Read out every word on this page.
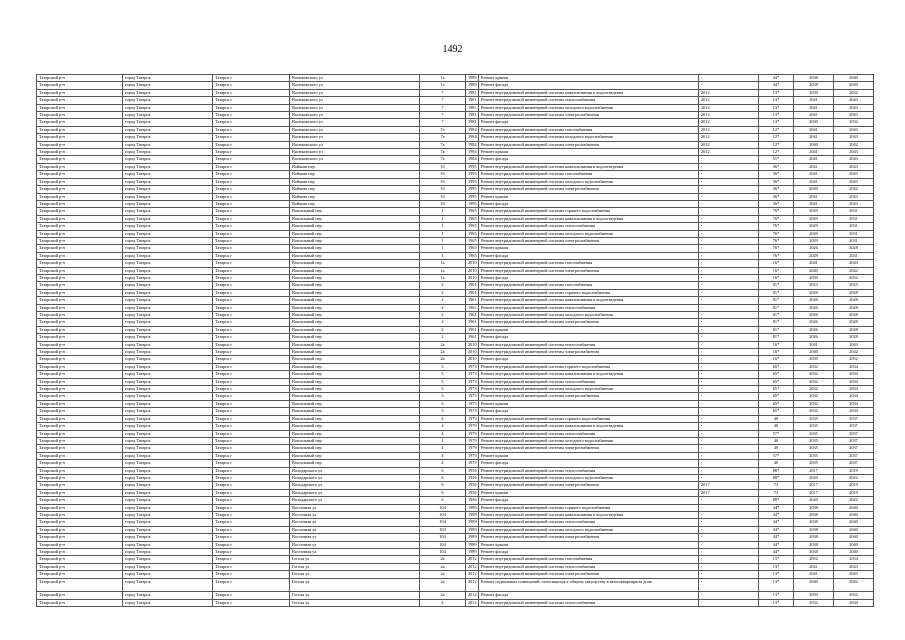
1492
Татарский р-н	город Татарск	Татарск г	Васюковского ул	1а	1989	Ремонт крыши	-	44*	2038	2040
Татарский р-н	город Татарск	Татарск г	Васюковского ул	1а	1989	Ремонт фасада	-	44*	2038	2040
Татарский р-н	город Татарск	Татарск г	Васюковского ул	7	1981	Ремонт внутридомовой инженерной системы канализования и водоотведения	2012	13*	2030	2032
Татарский р-н	город Татарск	Татарск г	Васюковского ул	7	1981	Ремонт внутридомовой инженерной системы теплоснабжения	2012	13*	2041	2043
Татарский р-н	город Татарск	Татарск г	Васюковского ул	7	1981	Ремонт внутридомовой инженерной системы холодного водоснабжения	2012	13*	2041	2043
Татарский р-н	город Татарск	Татарск г	Васюковского ул	7	1981	Ремонт внутридомовой инженерной системы электроснабжения	2012	13*	2041	2043
Татарский р-н	город Татарск	Татарск г	Васюковского ул	7	1981	Ремонт фасада	2012	13*	2030	2032
Татарский р-н	город Татарск	Татарск г	Васюковского ул	7а	1984	Ремонт внутридомовой инженерной системы газоснабжения	2012	12*	2041	2043
Татарский р-н	город Татарск	Татарск г	Васюковского ул	7а	1984	Ремонт внутридомовой инженерной системы холодного водоснабжения	2012	12*	2041	2043
Татарский р-н	город Татарск	Татарск г	Васюковского ул	7а	1984	Ремонт внутридомовой инженерной системы электроснабжения	2012	12*	2040	2042
Татарский р-н	город Татарск	Татарск г	Васюковского ул	7а	1984	Ремонт крыши	2012	12*	2041	2043
Татарский р-н	город Татарск	Татарск г	Васюковского ул	7а	1984	Ремонт фасада	-	51*	2041	2043
Татарский р-н	город Татарск	Татарск г	Войкова пер	33	1995	Ремонт внутридомовой инженерной системы канализования и водоотведения	-	36*	2041	2043
Татарский р-н	город Татарск	Татарск г	Войкова пер	33	1995	Ремонт внутридомовой инженерной системы газоснабжения	-	36*	2041	2043
Татарский р-н	город Татарск	Татарск г	Войкова пер	33	1995	Ремонт внутридомовой инженерной системы холодного водоснабжения	-	36*	2041	2043
Татарский р-н	город Татарск	Татарск г	Войкова пер	33	1995	Ремонт внутридомовой инженерной системы электроснабжения	-	36*	2040	2042
Татарский р-н	город Татарск	Татарск г	Войкова пер	33	1995	Ремонт крыши	-	36*	2041	2043
Татарский р-н	город Татарск	Татарск г	Войкова пер	33	1995	Ремонт фасада	-	36*	2041	2043
Татарский р-н	город Татарск	Татарск г	Вокзальный пер	1	1965	Ремонт внутридомовой инженерной системы горячего водоснабжения	-	76*	2029	2031
Татарский р-н	город Татарск	Татарск г	Вокзальный пер	1	1965	Ремонт внутридомовой инженерной системы канализования и водоотведения	-	76*	2029	2031
Татарский р-н	город Татарск	Татарск г	Вокзальный пер	1	1965	Ремонт внутридомовой инженерной системы теплоснабжения	-	76*	2029	2031
Татарский р-н	город Татарск	Татарск г	Вокзальный пер	1	1965	Ремонт внутридомовой инженерной системы холодного водоснабжения	-	76*	2029	2031
Татарский р-н	город Татарск	Татарск г	Вокзальный пер	1	1965	Ремонт внутридомовой инженерной системы электроснабжения	-	76*	2029	2031
Татарский р-н	город Татарск	Татарск г	Вокзальный пер	1	1965	Ремонт крыши	-	76*	2026	2028
Татарский р-н	город Татарск	Татарск г	Вокзальный пер	1	1965	Ремонт фасада	-	76*	2029	2031
Татарский р-н	город Татарск	Татарск г	Вокзальный пер	1а	2010	Ремонт внутридомовой инженерной системы газоснабжения	-	16*	2041	2043
Татарский р-н	город Татарск	Татарск г	Вокзальный пер	1а	2010	Ремонт внутридомовой инженерной системы электроснабжения	-	16*	2040	2042
Татарский р-н	город Татарск	Татарск г	Вокзальный пер	1а	2010	Ремонт фасада	-	16*	2050	2052
Татарский р-н	город Татарск	Татарск г	Вокзальный пер	2	1961	Ремонт внутридомовой инженерной системы газоснабжения	-	81*	2023	2025
Татарский р-н	город Татарск	Татарск г	Вокзальный пер	2	1961	Ремонт внутридомовой инженерной системы горячего водоснабжения	-	81*	2026	2028
Татарский р-н	город Татарск	Татарск г	Вокзальный пер	2	1961	Ремонт внутридомовой инженерной системы канализования и водоотведения	-	81*	2026	2028
Татарский р-н	город Татарск	Татарск г	Вокзальный пер	2	1961	Ремонт внутридомовой инженерной системы теплоснабжения	-	81*	2026	2028
Татарский р-н	город Татарск	Татарск г	Вокзальный пер	2	1961	Ремонт внутридомовой инженерной системы холодного водоснабжения	-	81*	2026	2028
Татарский р-н	город Татарск	Татарск г	Вокзальный пер	2	1961	Ремонт внутридомовой инженерной системы электроснабжения	-	81*	2026	2028
Татарский р-н	город Татарск	Татарск г	Вокзальный пер	2	1961	Ремонт крыши	-	81*	2026	2028
Татарский р-н	город Татарск	Татарск г	Вокзальный пер	2	1961	Ремонт фасада	-	81*	2026	2028
Татарский р-н	город Татарск	Татарск г	Вокзальный пер	2а	2010	Ремонт внутридомовой инженерной системы теплоснабжения	-	16*	2041	2043
Татарский р-н	город Татарск	Татарск г	Вокзальный пер	2а	2010	Ремонт внутридомовой инженерной системы электроснабжения	-	16*	2040	2042
Татарский р-н	город Татарск	Татарск г	Вокзальный пер	2а	2010	Ремонт фасада	-	16*	2050	2052
Татарский р-н	город Татарск	Татарск г	Вокзальный пер	3	1973	Ремонт внутридомовой инженерной системы горячего водоснабжения	-	65*	2032	2034
Татарский р-н	город Татарск	Татарск г	Вокзальный пер	3	1973	Ремонт внутридомовой инженерной системы канализования и водоотведения	-	65*	2032	2034
Татарский р-н	город Татарск	Татарск г	Вокзальный пер	3	1973	Ремонт внутридомовой инженерной системы теплоснабжения	-	65*	2032	2034
Татарский р-н	город Татарск	Татарск г	Вокзальный пер	3	1973	Ремонт внутридомовой инженерной системы холодного водоснабжения	-	65*	2032	2034
Татарский р-н	город Татарск	Татарск г	Вокзальный пер	3	1973	Ремонт внутридомовой инженерной системы электроснабжения	-	65*	2032	2034
Татарский р-н	город Татарск	Татарск г	Вокзальный пер	3	1973	Ремонт крыши	-	65*	2032	2034
Татарский р-н	город Татарск	Татарск г	Вокзальный пер	3	1973	Ремонт фасада	-	65*	2032	2034
Татарский р-н	город Татарск	Татарск г	Вокзальный пер	4	1979	Ремонт внутридомовой инженерной системы горячего водоснабжения	-	40	2035	2037
Татарский р-н	город Татарск	Татарск г	Вокзальный пер	4	1979	Ремонт внутридомовой инженерной системы канализования и водоотведения	-	40	2035	2037
Татарский р-н	город Татарск	Татарск г	Вокзальный пер	4	1979	Ремонт внутридомовой инженерной системы теплоснабжения	-	57*	2035	2037
Татарский р-н	город Татарск	Татарск г	Вокзальный пер	4	1979	Ремонт внутридомовой инженерной системы холодного водоснабжения	-	40	2035	2037
Татарский р-н	город Татарск	Татарск г	Вокзальный пер	4	1979	Ремонт внутридомовой инженерной системы электроснабжения	-	40	2035	2037
Татарский р-н	город Татарск	Татарск г	Вокзальный пер	4	1979	Ремонт крыши	-	57*	2035	2037
Татарский р-н	город Татарск	Татарск г	Вокзальный пер	4	1979	Ремонт фасада	-	40	2035	2037
Татарский р-н	город Татарск	Татарск г	Володарского ул	6	1956	Ремонт внутридомовой инженерной системы теплоснабжения	-	88*	2017	2019
Татарский р-н	город Татарск	Татарск г	Володарского ул	6	1956	Ремонт внутридомовой инженерной системы холодного водоснабжения	-	88*	2020	2022
Татарский р-н	город Татарск	Татарск г	Володарского ул	6	1956	Ремонт внутридомовой инженерной системы электроснабжения	2017	73	2017	2019
Татарский р-н	город Татарск	Татарск г	Володарского ул	6	1956	Ремонт крыши	2017	73	2017	2019
Татарский р-н	город Татарск	Татарск г	Володарского ул	6	1956	Ремонт фасада	-	88*	2020	2022
Татарский р-н	город Татарск	Татарск г	Восточная ул	104	1989	Ремонт внутридомовой инженерной системы горячего водоснабжения	-	44*	2038	2040
Татарский р-н	город Татарск	Татарск г	Восточная ул	104	1989	Ремонт внутридомовой инженерной системы канализования и водоотведения	-	44*	2038	2040
Татарский р-н	город Татарск	Татарск г	Восточная ул	104	1989	Ремонт внутридомовой инженерной системы теплоснабжения	-	44*	2038	2040
Татарский р-н	город Татарск	Татарск г	Восточная ул	104	1989	Ремонт внутридомовой инженерной системы холодного водоснабжения	-	44*	2038	2040
Татарский р-н	город Татарск	Татарск г	Восточная ул	104	1989	Ремонт внутридомовой инженерной системы электроснабжения	-	44*	2038	2040
Татарский р-н	город Татарск	Татарск г	Восточная ул	104	1989	Ремонт крыши	-	44*	2038	2040
Татарский р-н	город Татарск	Татарск г	Восточная ул	104	1989	Ремонт фасада	-	44*	2038	2040
Татарский р-н	город Татарск	Татарск г	Гоголя ул	2а	2012	Ремонт внутридомовой инженерной системы газоснабжения	-	13*	2052	2054
Татарский р-н	город Татарск	Татарск г	Гоголя ул	2а	2012	Ремонт внутридомовой инженерной системы теплоснабжения	-	13*	2041	2043
Татарский р-н	город Татарск	Татарск г	Гоголя ул	2а	2012	Ремонт внутридомовой инженерной системы электроснабжения	-	13*	2041	2043
Татарский р-н	город Татарск	Татарск г	Гоголя ул	2а	2012	Ремонт подвальных помещений, относящихся к общему имуществу в многоквартирном доме	-	13*	2040	2042
Татарский р-н	город Татарск	Татарск г	Гоголя ул	2а	2012	Ремонт фасада	-	13*	2050	2052
Татарский р-н	город Татарск	Татарск г	Гоголя ул	4	2012	Ремонт внутридомовой инженерной системы теплоснабжения	-	13*	2032	2034
